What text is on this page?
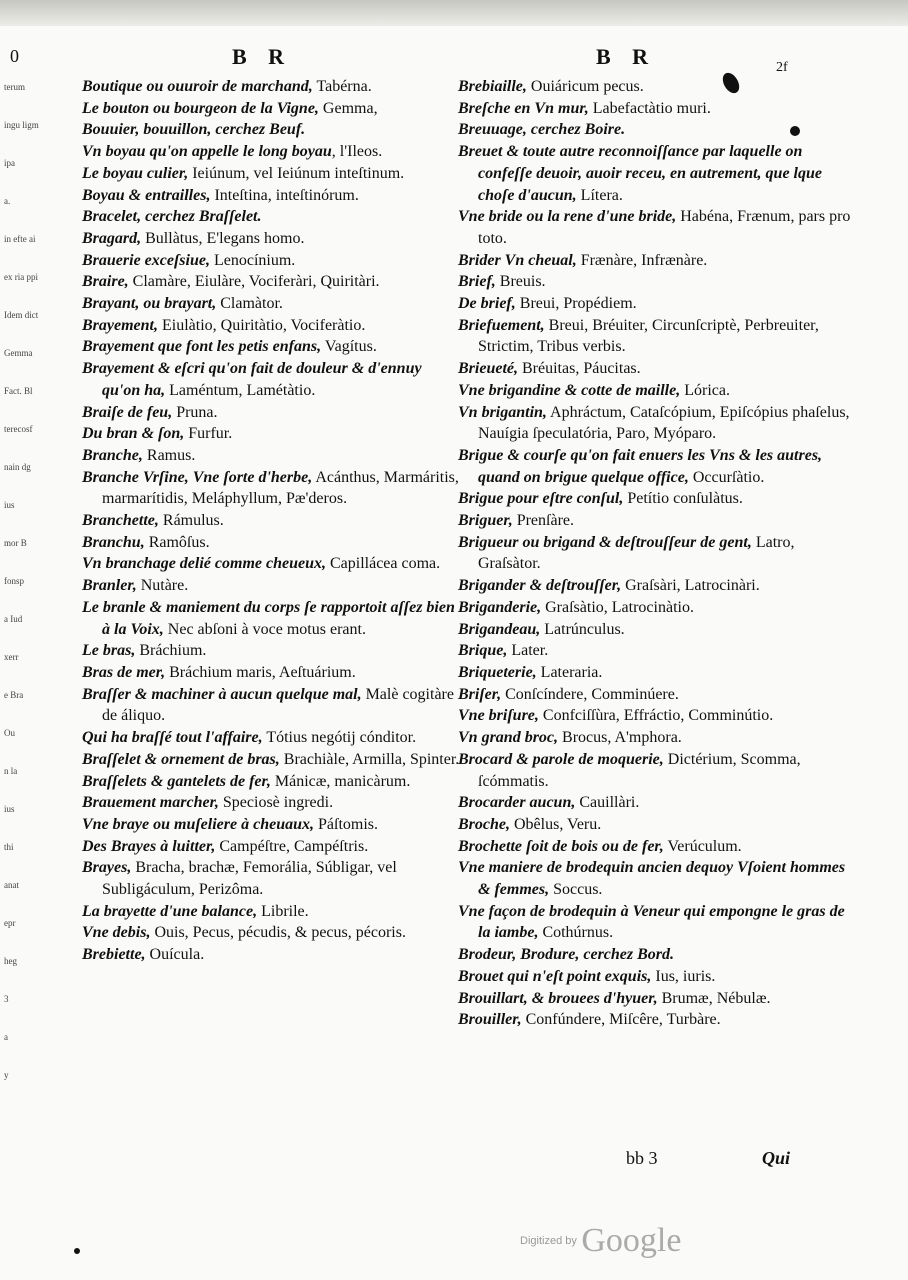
0	B R	B R	2f
terum
ingu ligm
ipa
a.
in efte ai
ex ria ppi
Idem dict
Gemma
Fact. Bl
terecosf
nain dg
ius
mor B
fonsp
a Iud
xerr
e Bra
Ou
n la
ius
thi
anat
epr
heg
3
a
y

Boutique ou ouuroir de marchand, Tabérna.

Le bouton ou bourgeon de la Vigne, Gemma,

Bouuier, bouuillon, cerchez Beuf.

Vn boyau qu'on appelle le long boyau, l'Ileos.

Le boyau culier, Ieiúnum, vel Ieiúnum inteſtinum.

Boyau & entrailles, Inteſtina, inteſtinórum.

Bracelet, cerchez Braſſelet.

Bragard, Bullàtus, E'legans homo.

Brauerie exceſsiue, Lenocínium.

Braire, Clamàre, Eiulàre, Vociferàri, Quiritàri.

Brayant, ou brayart, Clamàtor.

Brayement, Eiulàtio, Quiritàtio, Vociferàtio.

Brayement que font les petis enfans, Vagítus.

Brayement & eſcri qu'on fait de douleur & d'ennuy qu'on ha, Laméntum, Lamétàtio.

Braiſe de feu, Pruna.

Du bran & ſon, Furfur.

Branche, Ramus.

Branche Vrſine, Vne ſorte d'herbe, Acánthus, Marmáritis, marmarítidis, Meláphyllum, Pæ'deros.

Branchette, Rámulus.

Branchu, Ramôſus.

Vn branchage delié comme cheueux, Capillácea coma.

Branler, Nutàre.

Le branle & maniement du corps ſe rapportoit aſſez bien à la Voix, Nec abſoni à voce motus erant.

Le bras, Bráchium.

Bras de mer, Bráchium maris, Aeſtuárium.

Braſſer & machiner à aucun quelque mal, Malè cogitàre de áliquo.

Qui ha braſſé tout l'affaire, Tótius negótij cónditor.

Braſſelet & ornement de bras, Brachiàle, Armilla, Spinter.

Braſſelets & gantelets de fer, Mánicæ, manicàrum.

Brauement marcher, Speciosè ingredi.

Vne braye ou muſeliere à cheuaux, Páſtomis.

Des Brayes à luitter, Campéſtre, Campéſtris.

Brayes, Bracha, brachæ, Femorália, Súbligar, vel Subligáculum, Perizôma.

La brayette d'une balance, Librile.

Vne debis, Ouis, Pecus, pécudis, & pecus, pécoris.

Brebiette, Ouícula.

Brebiaille, Ouiáricum pecus.

Breſche en Vn mur, Labefactàtio muri.

Breuuage, cerchez Boire.

Breuet & toute autre reconnoiſſance par laquelle on confeſſe deuoir, auoir receu, en autrement, que lque choſe d'aucun, Lítera.

Vne bride ou la rene d'une bride, Habéna, Frænum, pars pro toto.

Brider Vn cheual, Frænàre, Infrænàre.

Brief, Breuis.

De brief, Breui, Propédiem.

Briefuement, Breui, Bréuiter, Circunſcriptè, Perbreuiter, Strictim, Tribus verbis.

Brieueté, Bréuitas, Páucitas.

Vne brigandine & cotte de maille, Lórica.

Vn brigantin, Aphráctum, Cataſcópium, Epiſcópius phaſelus, Nauígia ſpeculatória, Paro, Myóparo.

Brigue & courſe qu'on fait enuers les Vns & les autres, quand on brigue quelque office, Occurſàtio.

Brigue pour eſtre conſul, Petítio conſulàtus.

Briguer, Prenſàre.

Brigueur ou brigand & deſtrouſſeur de gent, Latro, Graſsàtor.

Brigander & deſtrouſſer, Graſsàri, Latrocinàri.

Briganderie, Graſsàtio, Latrocinàtio.

Brigandeau, Latrúnculus.

Brique, Later.

Briqueterie, Lateraria.

Briſer, Conſcíndere, Comminúere.

Vne briſure, Confciſſùra, Effráctio, Comminútio.

Vn grand broc, Brocus, A'mphora.

Brocard & parole de moquerie, Dictérium, Scomma, ſcómmatis.

Brocarder aucun, Cauillàri.

Broche, Obêlus, Veru.

Brochette ſoit de bois ou de fer, Verúculum.

Vne maniere de brodequin ancien dequoy Vſoient hommes & femmes, Soccus.

Vne façon de brodequin à Veneur qui empongne le gras de la iambe, Cothúrnus.

Brodeur, Brodure, cerchez Bord.

Brouet qui n'eſt point exquis, Ius, iuris.

Brouillart, & brouees d'hyuer, Brumæ, Nébulæ.

Brouiller, Confúndere, Miſcêre, Turbàre.

bb 3	Qui
Digitized by Google
